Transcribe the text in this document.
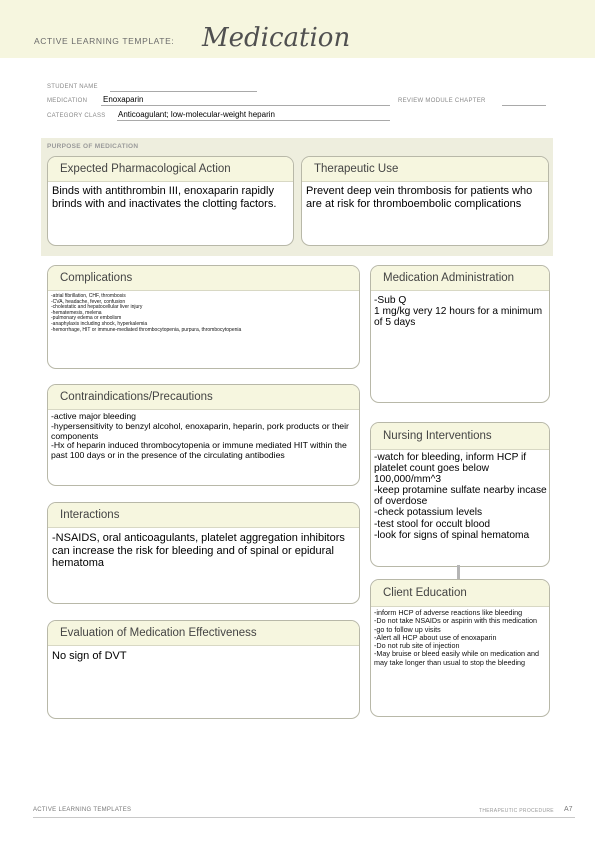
ACTIVE LEARNING TEMPLATE: Medication
STUDENT NAME
MEDICATION Enoxaparin	REVIEW MODULE CHAPTER
CATEGORY CLASS Anticoagulant; low-molecular-weight heparin
PURPOSE OF MEDICATION
Expected Pharmacological Action
Binds with antithrombin III, enoxaparin rapidly brinds with and inactivates the clotting factors.
Therapeutic Use
Prevent deep vein thrombosis for patients who are at risk for thromboembolic complications
Complications
-atrial fibrillation, CHF, thrombosis
-CVA, headache, fever, confusion
-cholestatic and hepatocellular liver injury
-hematemesis, melena
-pulmonary edema or embolism
-anaphylaxis including shock, hyperkalemia
-hemorrhage, HIT or immune-mediated thrombocytopenia, purpura, thrombocytopenia
Medication Administration
-Sub Q
1 mg/kg very 12 hours for a minimum of 5 days
Contraindications/Precautions
-active major bleeding
-hypersensitivity to benzyl alcohol, enoxaparin, heparin, pork products or their components
-Hx of heparin induced thrombocytopenia or immune mediated HIT within the past 100 days or in the presence of the circulating antibodies
Nursing Interventions
-watch for bleeding, inform HCP if platelet count goes below 100,000/mm^3
-keep protamine sulfate nearby incase of overdose
-check potassium levels
-test stool for occult blood
-look for signs of spinal hematoma
Interactions
-NSAIDS, oral anticoagulants, platelet aggregation inhibitors can increase the risk for bleeding and of spinal or epidural hematoma
Client Education
-inform HCP of adverse reactions like bleeding
-Do not take NSAIDs or aspirin with this medication
-go to follow up visits
-Alert all HCP about use of enoxaparin
-Do not rub site of injection
-May bruise or bleed easily while on medication and may take longer than usual to stop the bleeding
Evaluation of Medication Effectiveness
No sign of DVT
ACTIVE LEARNING TEMPLATES	THERAPEUTIC PROCEDURE A7
